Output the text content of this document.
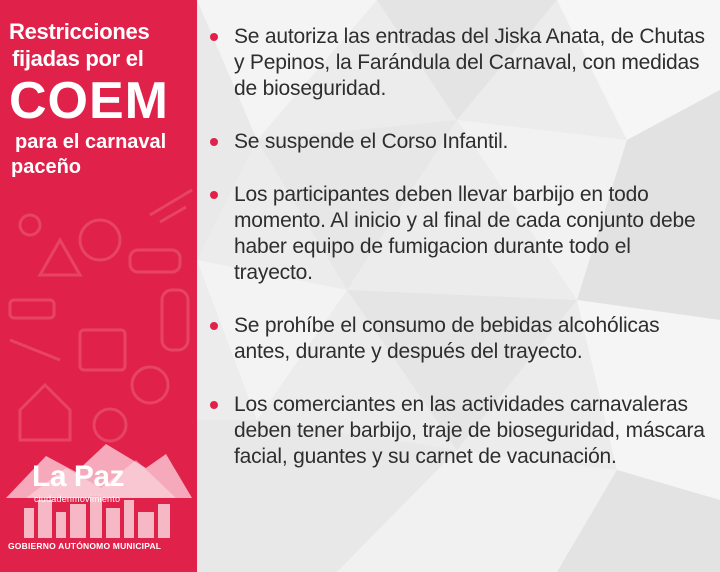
Restricciones
fijadas por el
COEM
para el carnaval
paceño
La Paz
ciudadenmovimiento
GOBIERNO AUTÓNOMO MUNICIPAL
Se autoriza las entradas del Jiska Anata, de Chutas y Pepinos, la Farándula del Carnaval, con medidas de bioseguridad.
Se suspende el Corso Infantil.
Los participantes deben llevar barbijo en todo momento. Al inicio y al final de cada conjunto debe haber equipo de fumigacion durante todo el trayecto.
Se prohíbe el consumo de bebidas alcohólicas antes, durante y después del trayecto.
Los comerciantes en las actividades carnavaleras deben tener barbijo, traje de bioseguridad, máscara facial, guantes y su carnet de vacunación.
